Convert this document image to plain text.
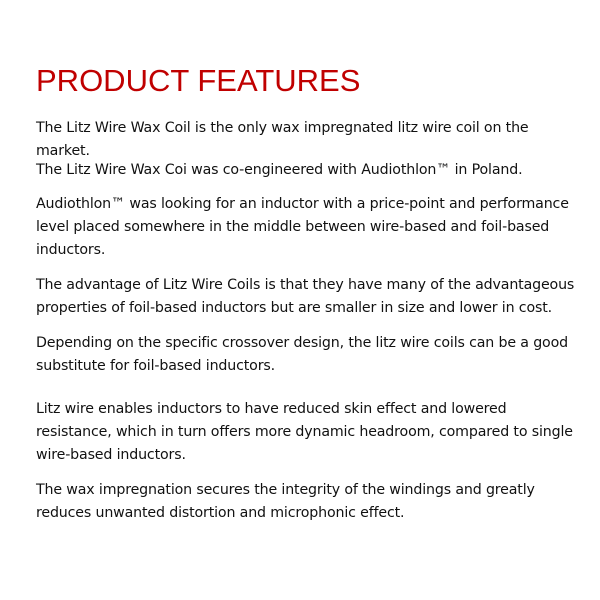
PRODUCT FEATURES

The Litz Wire Wax Coil is the only wax impregnated litz wire coil on the market.

The Litz Wire Wax Coi was co-engineered with Audiothlon™ in Poland.

Audiothlon™ was looking for an inductor with a price-point and performance level placed somewhere in the middle between wire-based and foil-based inductors.

The advantage of Litz Wire Coils is that they have many of the advantageous properties of foil-based inductors but are smaller in size and lower in cost.

Depending on the specific crossover design, the litz wire coils can be a good substitute for foil-based inductors.

Litz wire enables inductors to have reduced skin effect and lowered resistance, which in turn offers more dynamic headroom, compared to single wire-based inductors.

The wax impregnation secures the integrity of the windings and greatly reduces unwanted distortion and microphonic effect.
